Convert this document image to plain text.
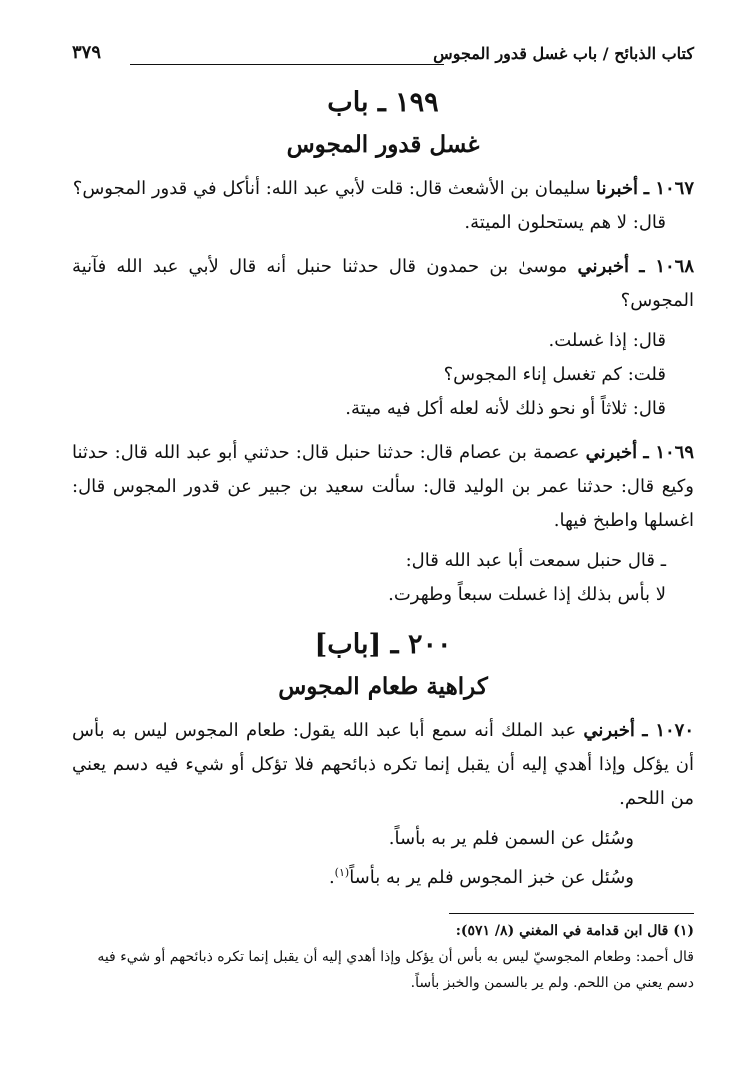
كتاب الذبائح / باب غسل قدور المجوس
٣٧٩
١٩٩ ـ باب
غسل قدور المجوس
١٠٦٧ ـ أخبرنا سليمان بن الأشعث قال: قلت لأبي عبد الله: أنأكل في قدور المجوس؟
قال: لا هم يستحلون الميتة.
١٠٦٨ ـ أخبرني موسىٰ بن حمدون قال حدثنا حنبل أنه قال لأبي عبد الله فآنية المجوس؟
قال: إذا غسلت.
قلت: كم تغسل إناء المجوس؟
قال: ثلاثاً أو نحو ذلك لأنه لعله أكل فيه ميتة.
١٠٦٩ ـ أخبرني عصمة بن عصام قال: حدثنا حنبل قال: حدثني أبو عبد الله قال: حدثنا وكيع قال: حدثنا عمر بن الوليد قال: سألت سعيد بن جبير عن قدور المجوس قال: اغسلها واطبخ فيها.
ـ قال حنبل سمعت أبا عبد الله قال:
لا بأس بذلك إذا غسلت سبعاً وطهرت.
٢٠٠ ـ [باب]
كراهية طعام المجوس
١٠٧٠ ـ أخبرني عبد الملك أنه سمع أبا عبد الله يقول: طعام المجوس ليس به بأس أن يؤكل وإذا أهدي إليه أن يقبل إنما تكره ذبائحهم فلا تؤكل أو شيء فيه دسم يعني من اللحم.
وسُئل عن السمن فلم ير به بأساً.
وسُئل عن خبز المجوس فلم ير به بأساً$^{(١)}$.
(١) قال ابن قدامة في المغني (٨/ ٥٧١):
قال أحمد: وطعام المجوسيّ ليس به بأس أن يؤكل وإذا أهدي إليه أن يقبل إنما تكره ذبائحهم أو شيء فيه دسم يعني من اللحم. ولم ير بالسمن والخبز بأساً.
